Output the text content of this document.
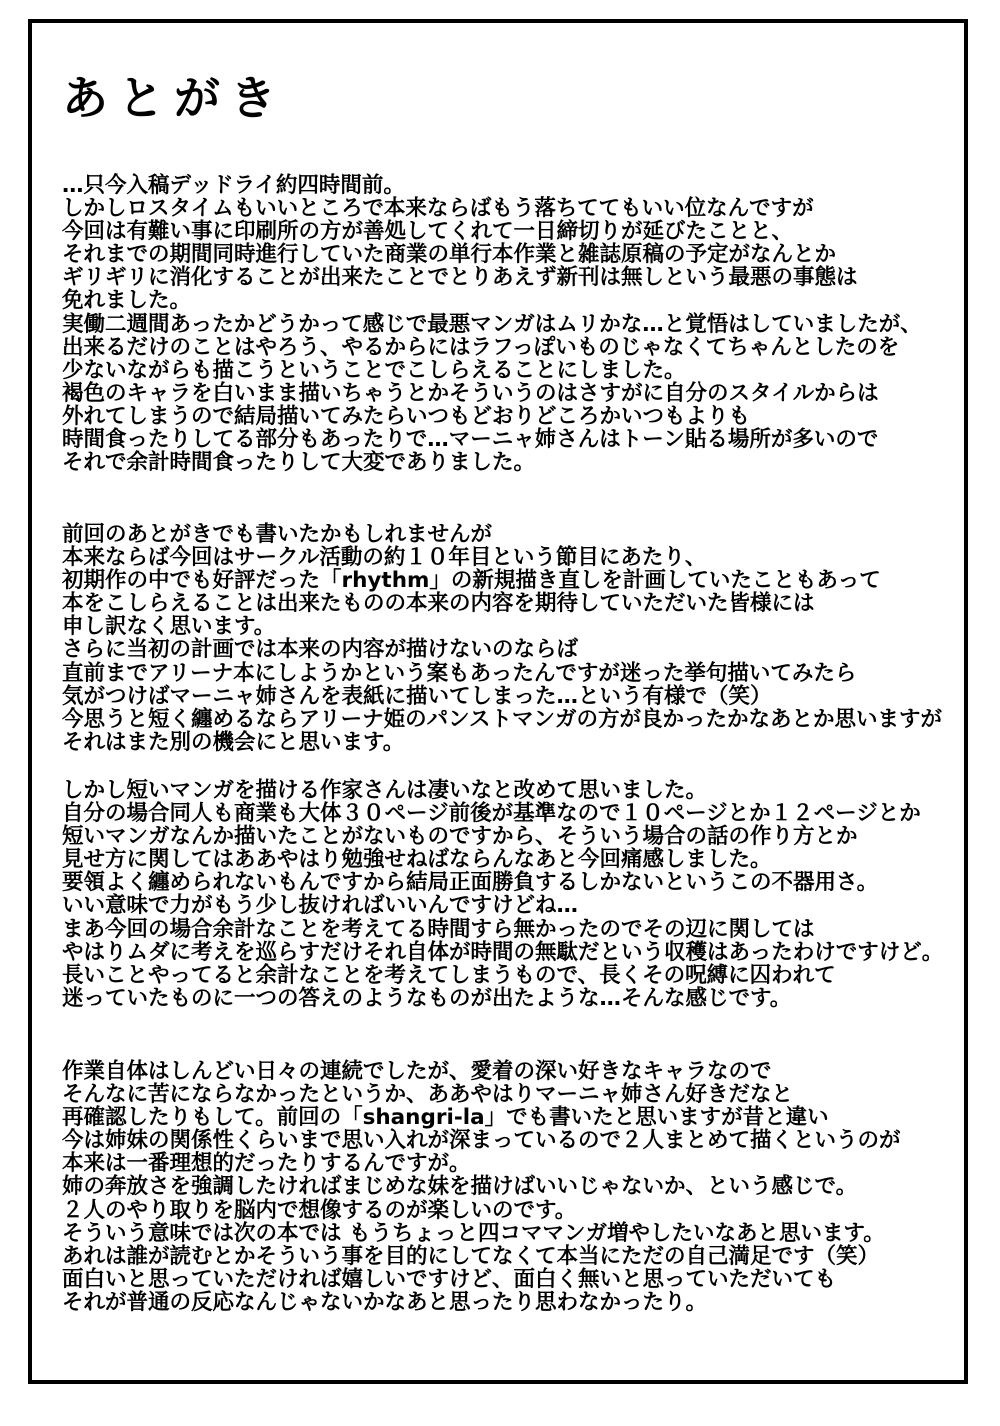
あとがき
…只今入稿デッドライ約四時間前。
しかしロスタイムもいいところで本来ならばもう落ちててもいい位なんですが
今回は有難い事に印刷所の方が善処してくれて一日締切りが延びたことと、
それまでの期間同時進行していた商業の単行本作業と雑誌原稿の予定がなんとか
ギリギリに消化することが出来たことでとりあえず新刊は無しという最悪の事態は
免れました。
実働二週間あったかどうかって感じで最悪マンガはムリかな…と覚悟はしていましたが、
出来るだけのことはやろう、やるからにはラフっぽいものじゃなくてちゃんとしたのを
少ないながらも描こうということでこしらえることにしました。
褐色のキャラを白いまま描いちゃうとかそういうのはさすがに自分のスタイルからは
外れてしまうので結局描いてみたらいつもどおりどころかいつもよりも
時間食ったりしてる部分もあったりで…マーニャ姉さんはトーン貼る場所が多いので
それで余計時間食ったりして大変でありました。
前回のあとがきでも書いたかもしれませんが
本来ならば今回はサークル活動の約１０年目という節目にあたり、
初期作の中でも好評だった「rhythm」の新規描き直しを計画していたこともあって
本をこしらえることは出来たものの本来の内容を期待していただいた皆様には
申し訳なく思います。
さらに当初の計画では本来の内容が描けないのならば
直前までアリーナ本にしようかという案もあったんですが迷った挙句描いてみたら
気がつけばマーニャ姉さんを表紙に描いてしまった…という有様で（笑）
今思うと短く纏めるならアリーナ姫のパンストマンガの方が良かったかなあとか思いますが
それはまた別の機会にと思います。
しかし短いマンガを描ける作家さんは凄いなと改めて思いました。
自分の場合同人も商業も大体３０ページ前後が基準なので１０ページとか１２ページとか
短いマンガなんか描いたことがないものですから、そういう場合の話の作り方とか
見せ方に関してはああやはり勉強せねばならんなあと今回痛感しました。
要領よく纏められないもんですから結局正面勝負するしかないというこの不器用さ。
いい意味で力がもう少し抜ければいいんですけどね…
まあ今回の場合余計なことを考えてる時間すら無かったのでその辺に関しては
やはりムダに考えを巡らすだけそれ自体が時間の無駄だという収穫はあったわけですけど。
長いことやってると余計なことを考えてしまうもので、長くその呪縛に囚われて
迷っていたものに一つの答えのようなものが出たような…そんな感じです。
作業自体はしんどい日々の連続でしたが、愛着の深い好きなキャラなので
そんなに苦にならなかったというか、ああやはりマーニャ姉さん好きだなと
再確認したりもして。前回の「shangri-la」でも書いたと思いますが昔と違い
今は姉妹の関係性くらいまで思い入れが深まっているので２人まとめて描くというのが
本来は一番理想的だったりするんですが。
姉の奔放さを強調したければまじめな妹を描けばいいじゃないか、という感じで。
２人のやり取りを脳内で想像するのが楽しいのです。
そういう意味では次の本では もうちょっと四コママンガ増やしたいなあと思います。
あれは誰が読むとかそういう事を目的にしてなくて本当にただの自己満足です（笑）
面白いと思っていただければ嬉しいですけど、面白く無いと思っていただいても
それが普通の反応なんじゃないかなあと思ったり思わなかったり。
